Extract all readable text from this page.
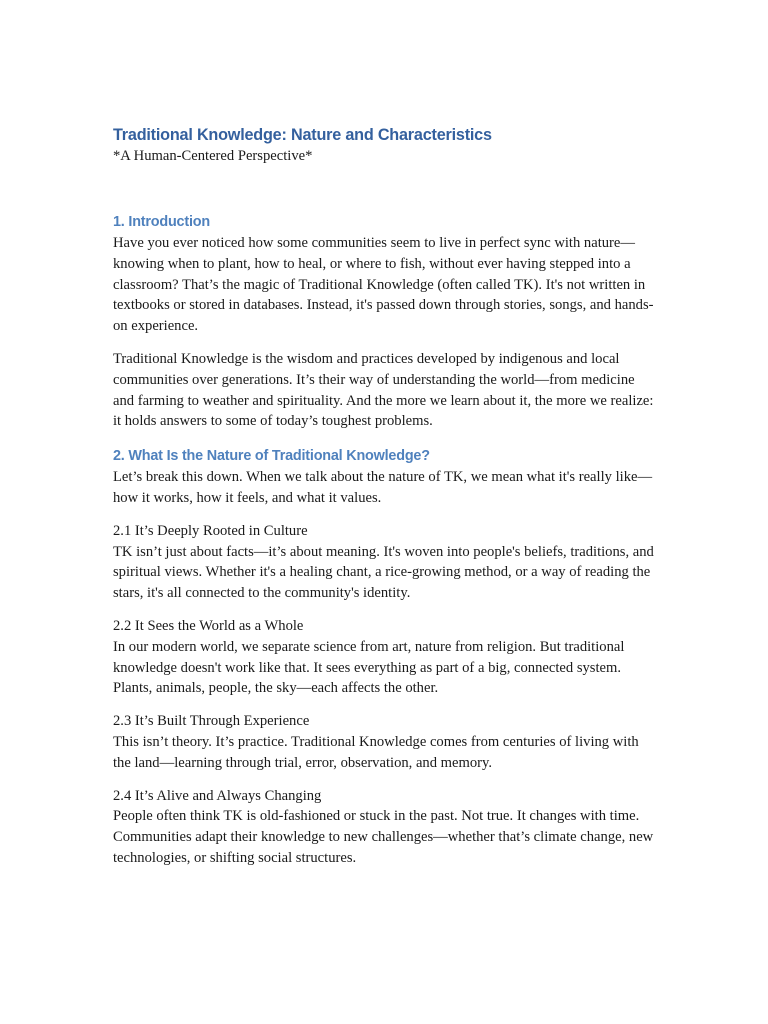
Traditional Knowledge: Nature and Characteristics

*A Human-Centered Perspective*

1. Introduction

Have you ever noticed how some communities seem to live in perfect sync with nature—knowing when to plant, how to heal, or where to fish, without ever having stepped into a classroom? That’s the magic of Traditional Knowledge (often called TK). It's not written in textbooks or stored in databases. Instead, it's passed down through stories, songs, and hands-on experience.

Traditional Knowledge is the wisdom and practices developed by indigenous and local communities over generations. It’s their way of understanding the world—from medicine and farming to weather and spirituality. And the more we learn about it, the more we realize: it holds answers to some of today’s toughest problems.

2. What Is the Nature of Traditional Knowledge?

Let’s break this down. When we talk about the nature of TK, we mean what it's really like—how it works, how it feels, and what it values.

2.1 It’s Deeply Rooted in Culture

TK isn’t just about facts—it’s about meaning. It's woven into people's beliefs, traditions, and spiritual views. Whether it's a healing chant, a rice-growing method, or a way of reading the stars, it's all connected to the community's identity.

2.2 It Sees the World as a Whole

In our modern world, we separate science from art, nature from religion. But traditional knowledge doesn't work like that. It sees everything as part of a big, connected system. Plants, animals, people, the sky—each affects the other.

2.3 It’s Built Through Experience

This isn’t theory. It’s practice. Traditional Knowledge comes from centuries of living with the land—learning through trial, error, observation, and memory.

2.4 It’s Alive and Always Changing

People often think TK is old-fashioned or stuck in the past. Not true. It changes with time. Communities adapt their knowledge to new challenges—whether that’s climate change, new technologies, or shifting social structures.
